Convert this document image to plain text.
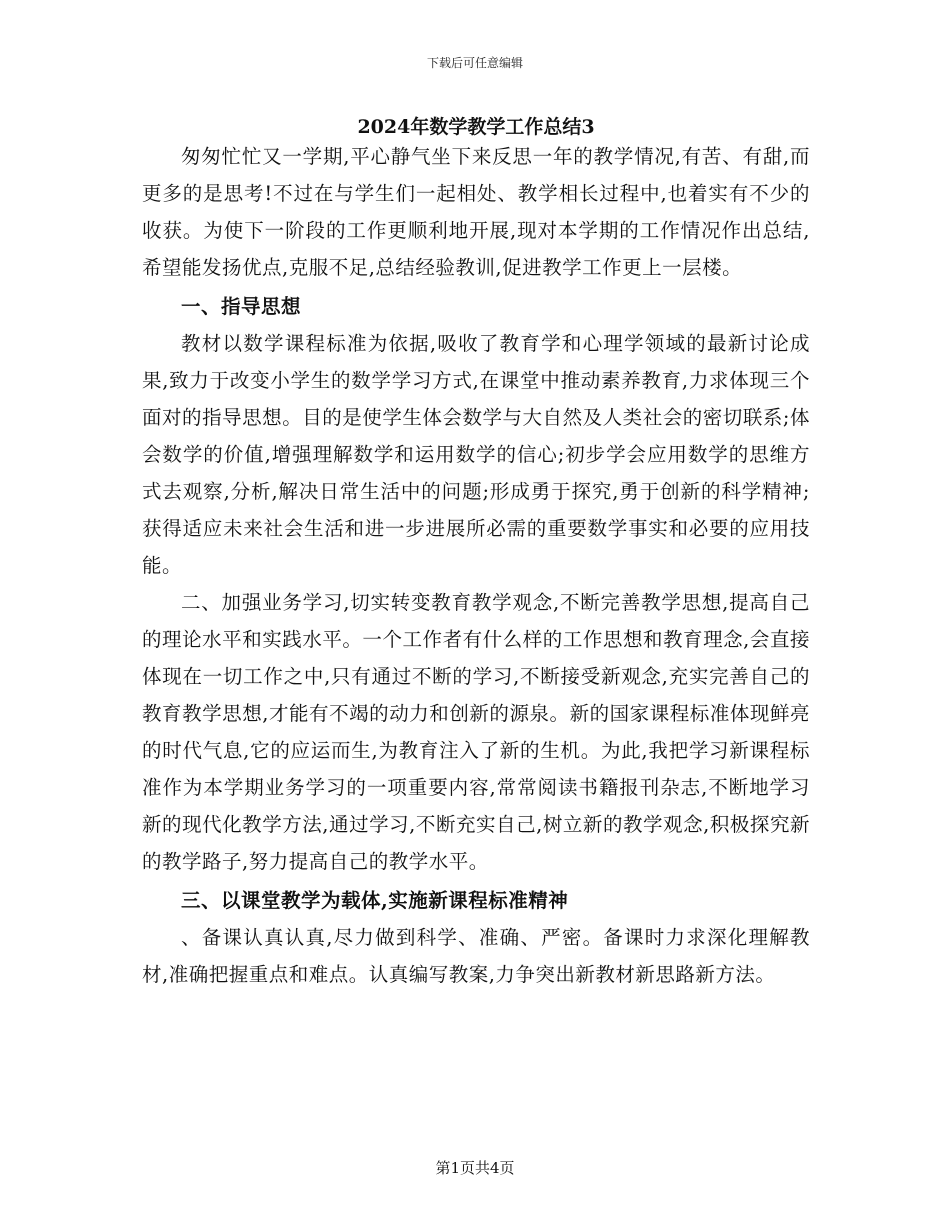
下载后可任意编辑
2024年数学教学工作总结3

匆匆忙忙又一学期,平心静气坐下来反思一年的教学情况,有苦、有甜,而更多的是思考!不过在与学生们一起相处、教学相长过程中,也着实有不少的收获。为使下一阶段的工作更顺利地开展,现对本学期的工作情况作出总结,希望能发扬优点,克服不足,总结经验教训,促进教学工作更上一层楼。

一、指导思想

教材以数学课程标准为依据,吸收了教育学和心理学领域的最新讨论成果,致力于改变小学生的数学学习方式,在课堂中推动素养教育,力求体现三个面对的指导思想。目的是使学生体会数学与大自然及人类社会的密切联系;体会数学的价值,增强理解数学和运用数学的信心;初步学会应用数学的思维方式去观察,分析,解决日常生活中的问题;形成勇于探究,勇于创新的科学精神;获得适应未来社会生活和进一步进展所必需的重要数学事实和必要的应用技能。

二、加强业务学习,切实转变教育教学观念,不断完善教学思想,提高自己的理论水平和实践水平。一个工作者有什么样的工作思想和教育理念,会直接体现在一切工作之中,只有通过不断的学习,不断接受新观念,充实完善自己的教育教学思想,才能有不竭的动力和创新的源泉。新的国家课程标准体现鲜亮的时代气息,它的应运而生,为教育注入了新的生机。为此,我把学习新课程标准作为本学期业务学习的一项重要内容,常常阅读书籍报刊杂志,不断地学习新的现代化教学方法,通过学习,不断充实自己,树立新的教学观念,积极探究新的教学路子,努力提高自己的教学水平。

三、以课堂教学为载体,实施新课程标准精神

、备课认真认真,尽力做到科学、准确、严密。备课时力求深化理解教材,准确把握重点和难点。认真编写教案,力争突出新教材新思路新方法。

第1页共4页
